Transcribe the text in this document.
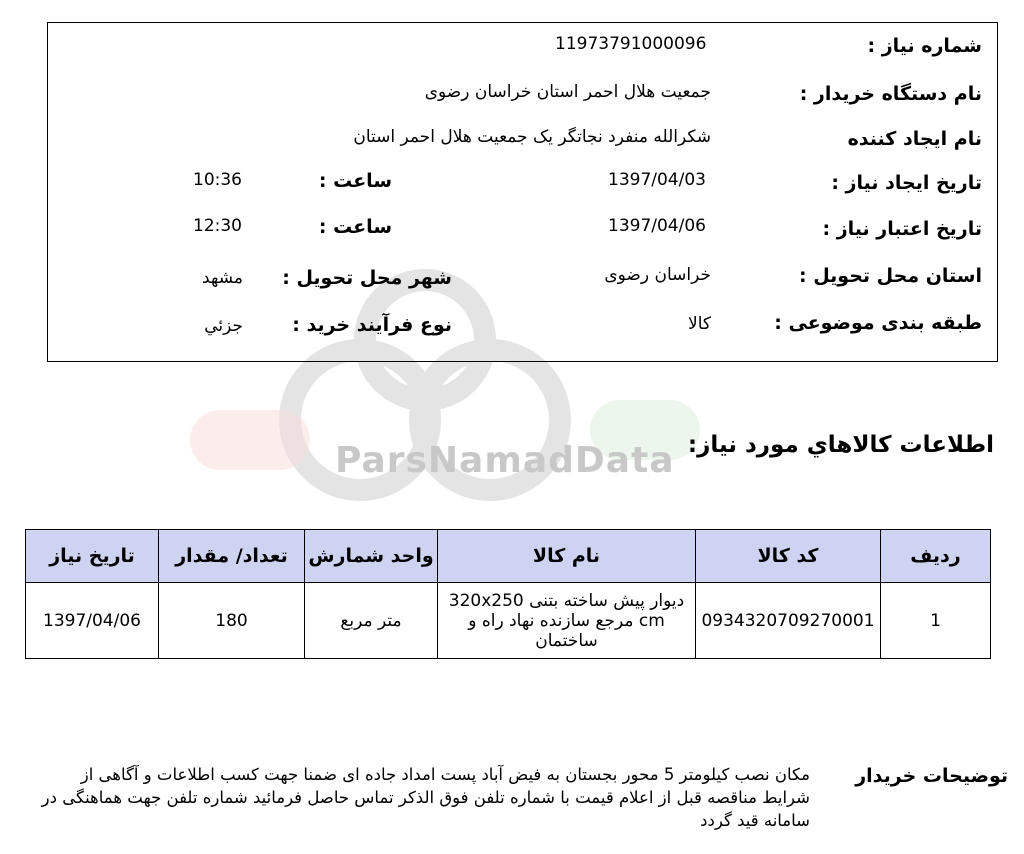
ParsNamadData
شماره نیاز :
11973791000096
نام دستگاه خریدار :
جمعیت هلال احمر استان خراسان رضوی
نام ایجاد کننده
شکرالله منفرد نجاتگر یک جمعیت هلال احمر استان
تاریخ ایجاد نیاز :
1397/04/03
ساعت :
10:36
تاریخ اعتبار نیاز :
1397/04/06
ساعت :
12:30
استان محل تحویل :
خراسان رضوی
شهر محل تحویل :
مشهد
طبقه بندی موضوعی :
کالا
نوع فرآیند خرید :
جزئي
اطلاعات کالاهاي مورد نياز:
تاریخ نیاز	تعداد/ مقدار	واحد شمارش	نام کالا	کد کالا	ردیف
1397/04/06	180	متر مربع	دیوار پیش ساخته بتنی 320x250 cm مرجع سازنده نهاد راه و ساختمان	0934320709270001	1
توضیحات خریدار
مکان نصب کیلومتر 5 محور بجستان به فیض آباد پست امداد جاده ای ضمنا جهت کسب اطلاعات و آگاهی از شرایط مناقصه قبل از اعلام قیمت با شماره تلفن فوق الذکر تماس حاصل فرمائید شماره تلفن جهت هماهنگی در سامانه قید گردد
